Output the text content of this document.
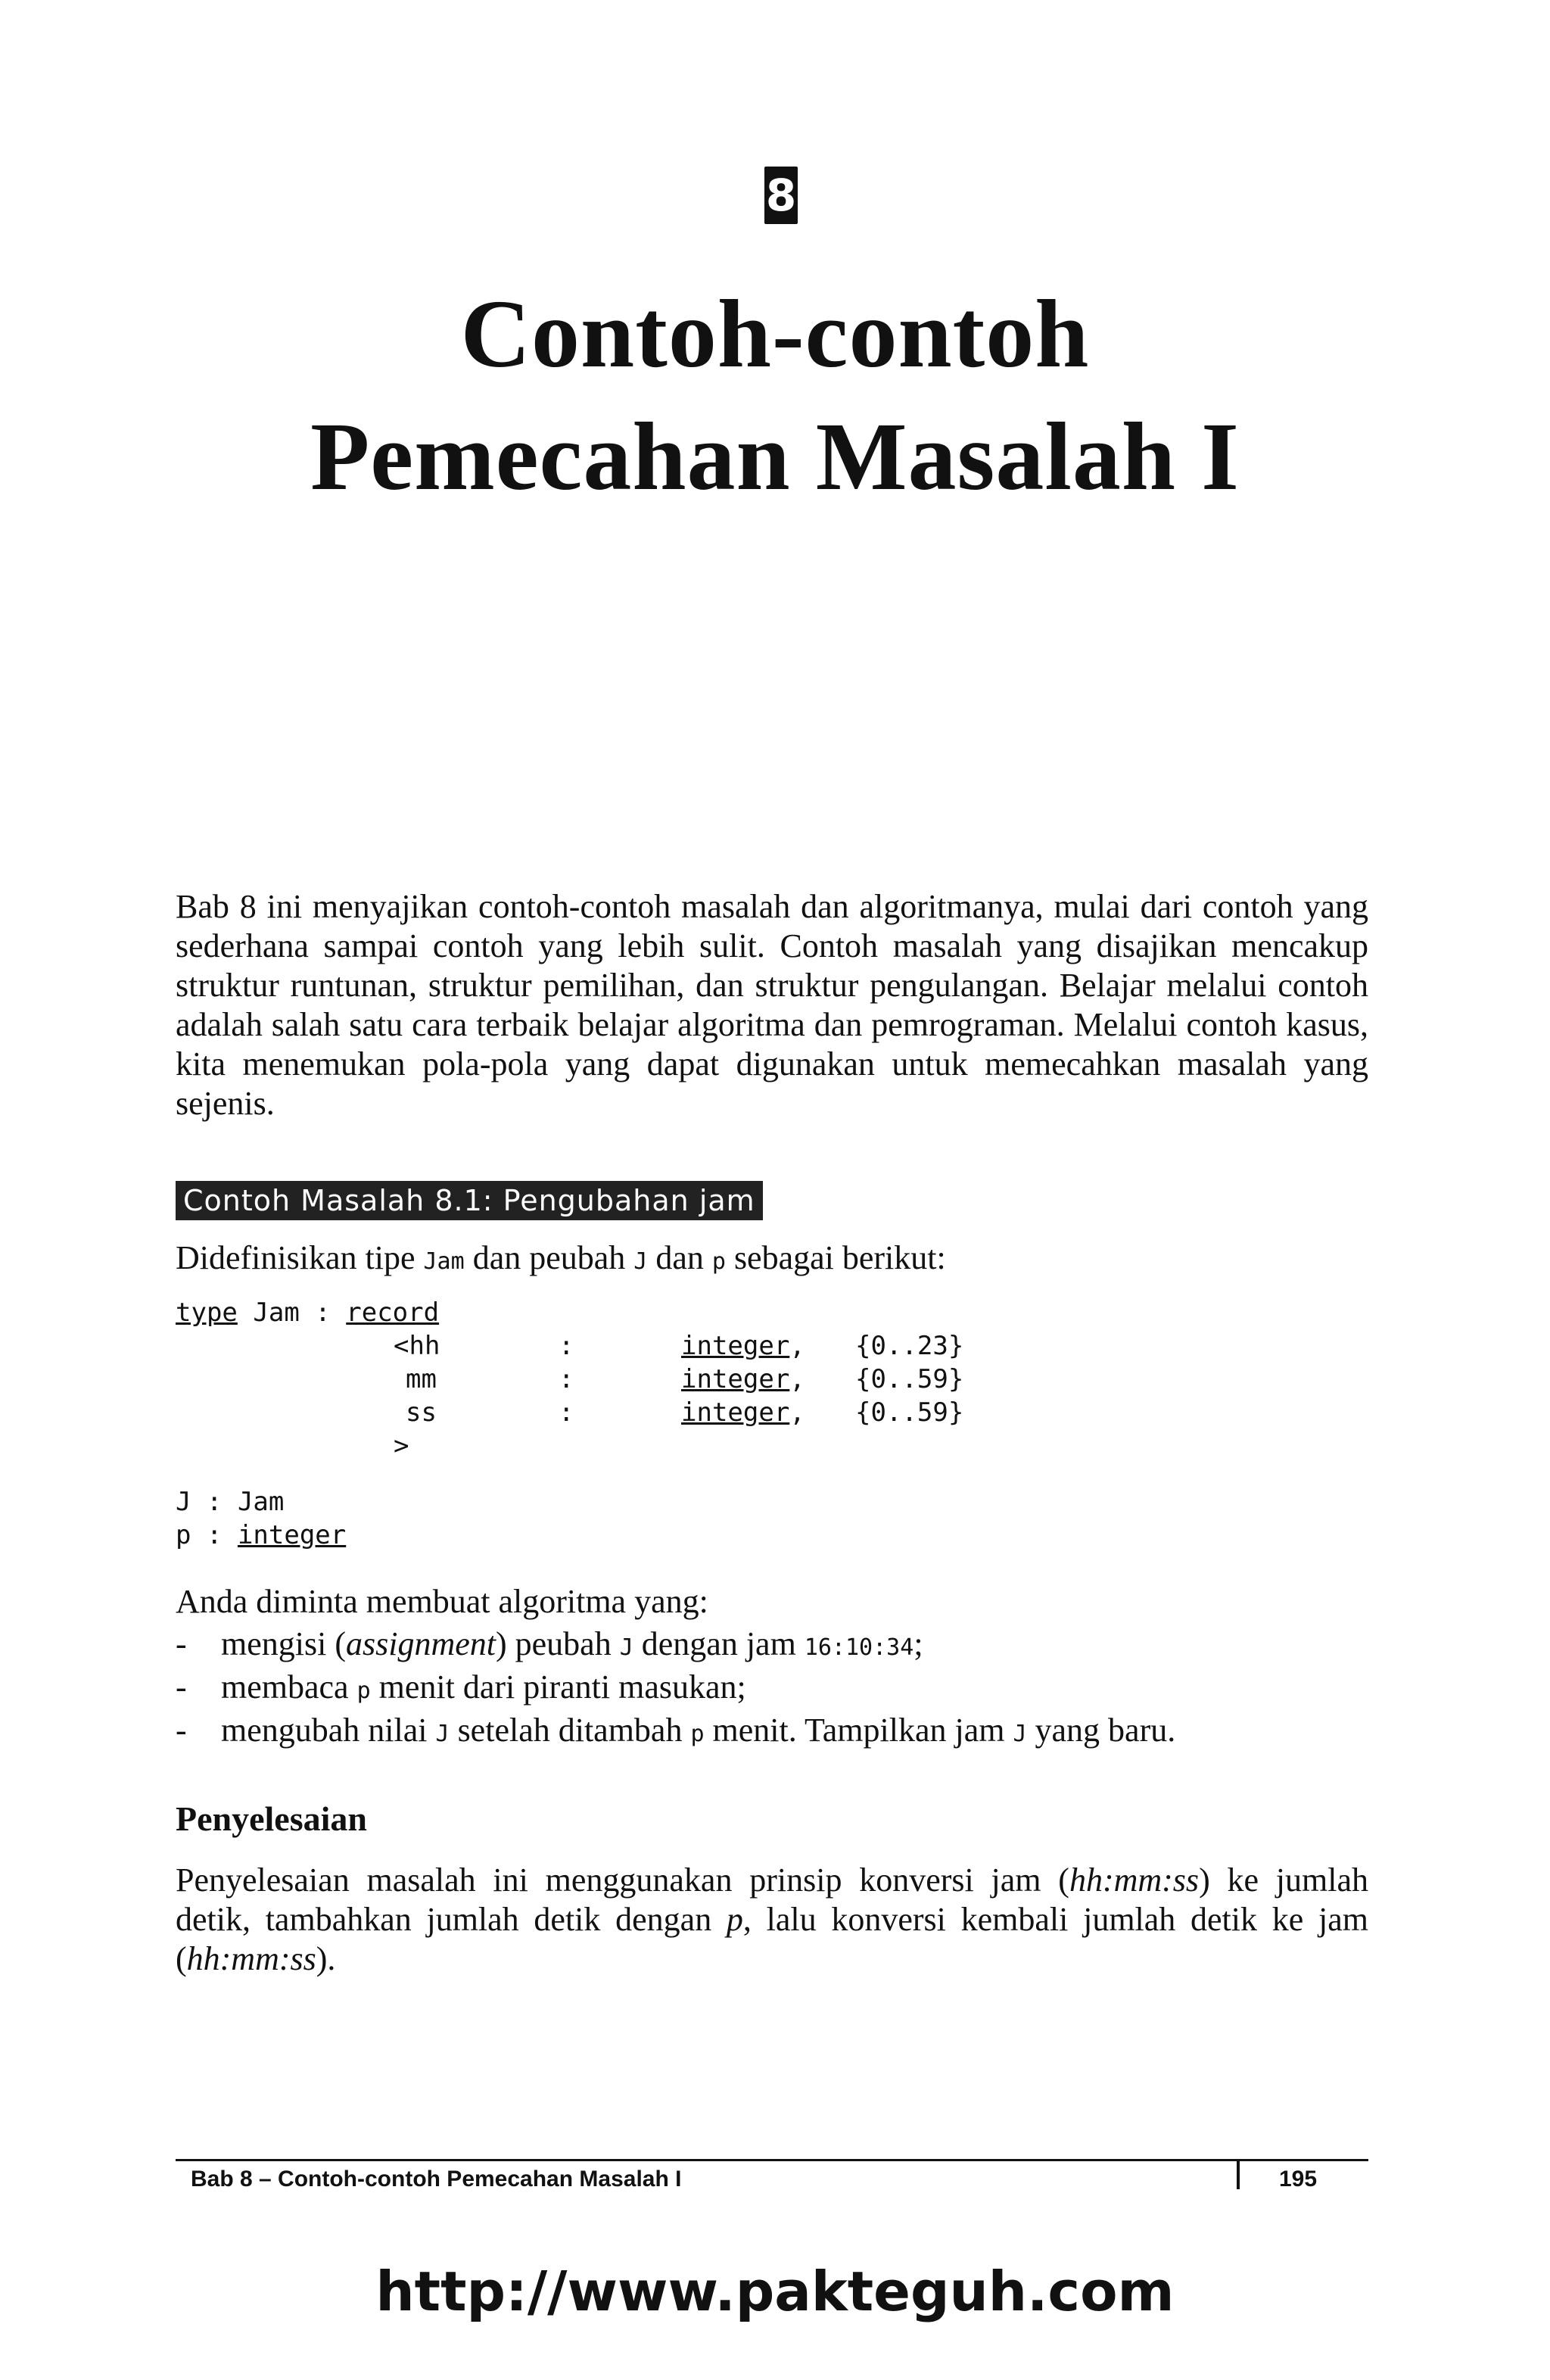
8
Contoh-contoh
Pemecahan Masalah I

Bab 8 ini menyajikan contoh-contoh masalah dan algoritmanya, mulai dari contoh yang sederhana sampai contoh yang lebih sulit. Contoh masalah yang disajikan mencakup struktur runtunan, struktur pemilihan, dan struktur pengulangan. Belajar melalui contoh adalah salah satu cara terbaik belajar algoritma dan pemrograman. Melalui contoh kasus, kita menemukan pola-pola yang dapat digunakan untuk memecahkan masalah yang sejenis.

Contoh Masalah 8.1: Pengubahan jam

Didefinisikan tipe Jam dan peubah J dan p sebagai berikut:

type Jam : record
<hh	:	integer, {0..23}
mm	:	integer, {0..59}
ss	:	integer, {0..59}
>
J : Jam
p : integer

Anda diminta membuat algoritma yang:

-	mengisi (assignment) peubah J dengan jam 16:10:34;
-	membaca p menit dari piranti masukan;
-	mengubah nilai J setelah ditambah p menit. Tampilkan jam J yang baru.
Penyelesaian

Penyelesaian masalah ini menggunakan prinsip konversi jam (hh:mm:ss) ke jumlah detik, tambahkan jumlah detik dengan p, lalu konversi kembali jumlah detik ke jam (hh:mm:ss).

Bab 8 – Contoh-contoh Pemecahan Masalah I	195
http://www.pakteguh.com
